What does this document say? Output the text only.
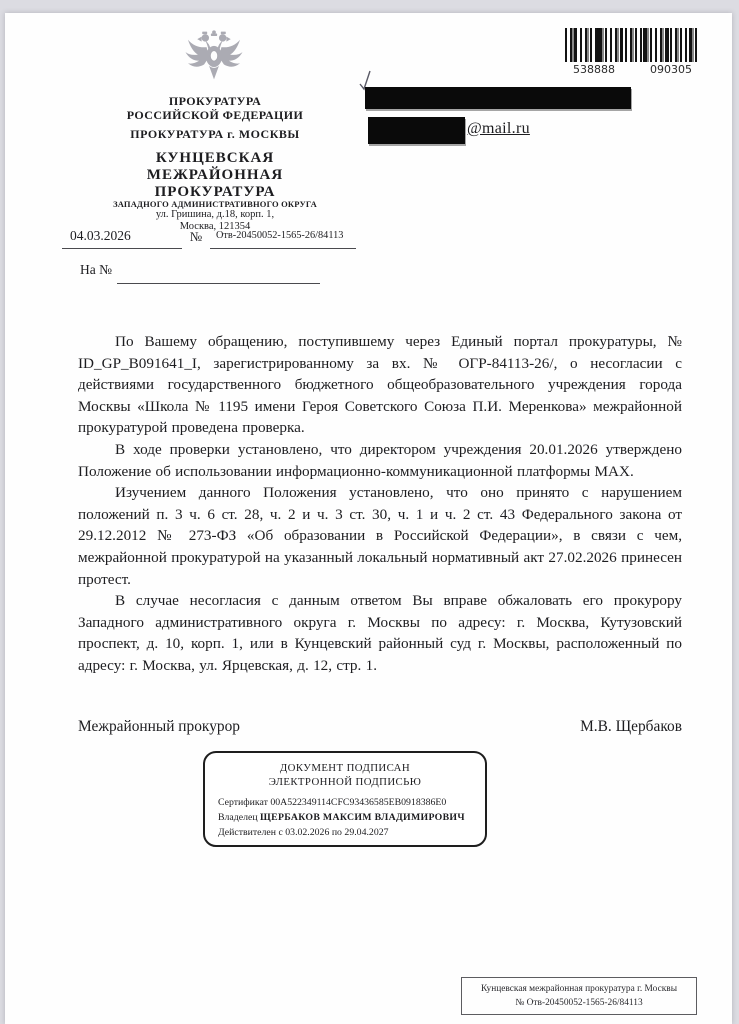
ПРОКУРАТУРА
РОССИЙСКОЙ ФЕДЕРАЦИИ
ПРОКУРАТУРА г. МОСКВЫ
КУНЦЕВСКАЯ
МЕЖРАЙОННАЯ
ПРОКУРАТУРА
ЗАПАДНОГО АДМИНИСТРАТИВНОГО ОКРУГА
ул. Гришина, д.18, корп. 1,
Москва, 121354
04.03.2026	№	Отв-20450052-1565-26/84113
На №
538888	090305
@mail.ru

По Вашему обращению, поступившему через Единый портал прокуратуры, № ID_GP_B091641_I, зарегистрированному за вх. № ОГР-84113-26/, о несогласии с действиями государственного бюджетного общеобразовательного учреждения города Москвы «Школа № 1195 имени Героя Советского Союза П.И. Меренкова» межрайонной прокуратурой проведена проверка.

В ходе проверки установлено, что директором учреждения 20.01.2026 утверждено Положение об использовании информационно-коммуникационной платформы MAX.

Изучением данного Положения установлено, что оно принято с нарушением положений п. 3 ч. 6 ст. 28, ч. 2 и ч. 3 ст. 30, ч. 1 и ч. 2 ст. 43 Федерального закона от 29.12.2012 № 273-ФЗ «Об образовании в Российской Федерации», в связи с чем, межрайонной прокуратурой на указанный локальный нормативный акт 27.02.2026 принесен протест.

В случае несогласия с данным ответом Вы вправе обжаловать его прокурору Западного административного округа г. Москвы по адресу: г. Москва, Кутузовский проспект, д. 10, корп. 1, или в Кунцевский районный суд г. Москвы, расположенный по адресу: г. Москва, ул. Ярцевская, д. 12, стр. 1.

Межрайонный прокурор	М.В. Щербаков
ДОКУМЕНТ ПОДПИСАН
ЭЛЕКТРОННОЙ ПОДПИСЬЮ
Сертификат 00A522349114CFC93436585EB0918386E0
Владелец ЩЕРБАКОВ МАКСИМ ВЛАДИМИРОВИЧ
Действителен с 03.02.2026 по 29.04.2027
Кунцевская межрайонная прокуратура г. Москвы
№ Отв-20450052-1565-26/84113
